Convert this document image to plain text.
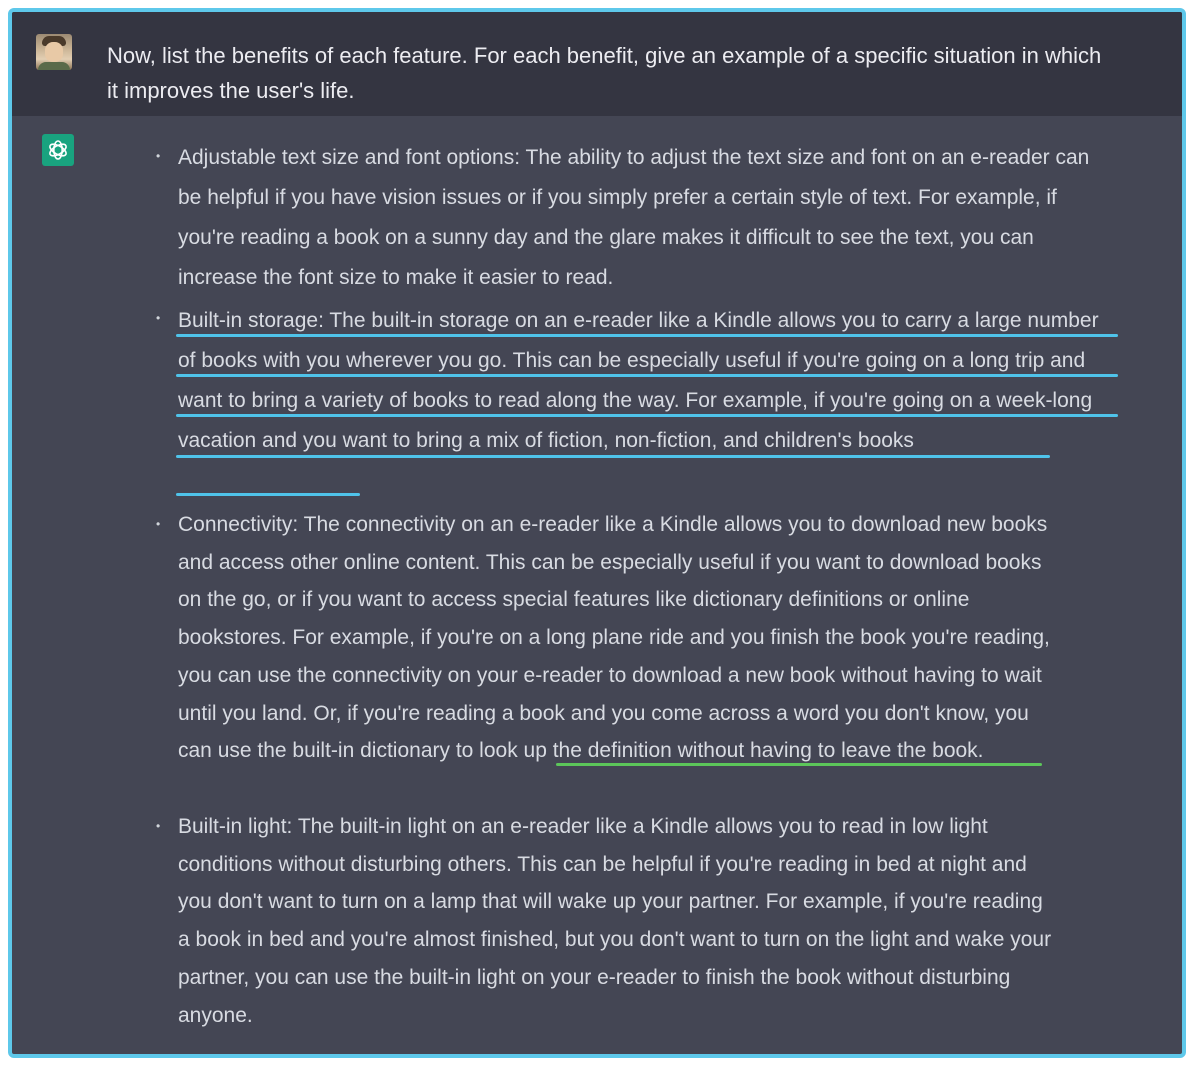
Now, list the benefits of each feature. For each benefit, give an example of a specific situation in which it improves the user's life.
• Adjustable text size and font options: The ability to adjust the text size and font on an e-reader can be helpful if you have vision issues or if you simply prefer a certain style of text. For example, if you're reading a book on a sunny day and the glare makes it difficult to see the text, you can increase the font size to make it easier to read.
• Built-in storage: The built-in storage on an e-reader like a Kindle allows you to carry a large number of books with you wherever you go. This can be especially useful if you're going on a long trip and want to bring a variety of books to read along the way. For example, if you're going on a week-long vacation and you want to bring a mix of fiction, non-fiction, and children's books
• Connectivity: The connectivity on an e-reader like a Kindle allows you to download new books and access other online content. This can be especially useful if you want to download books on the go, or if you want to access special features like dictionary definitions or online bookstores. For example, if you're on a long plane ride and you finish the book you're reading, you can use the connectivity on your e-reader to download a new book without having to wait until you land. Or, if you're reading a book and you come across a word you don't know, you can use the built-in dictionary to look up the definition without having to leave the book.
• Built-in light: The built-in light on an e-reader like a Kindle allows you to read in low light conditions without disturbing others. This can be helpful if you're reading in bed at night and you don't want to turn on a lamp that will wake up your partner. For example, if you're reading a book in bed and you're almost finished, but you don't want to turn on the light and wake your partner, you can use the built-in light on your e-reader to finish the book without disturbing anyone.
